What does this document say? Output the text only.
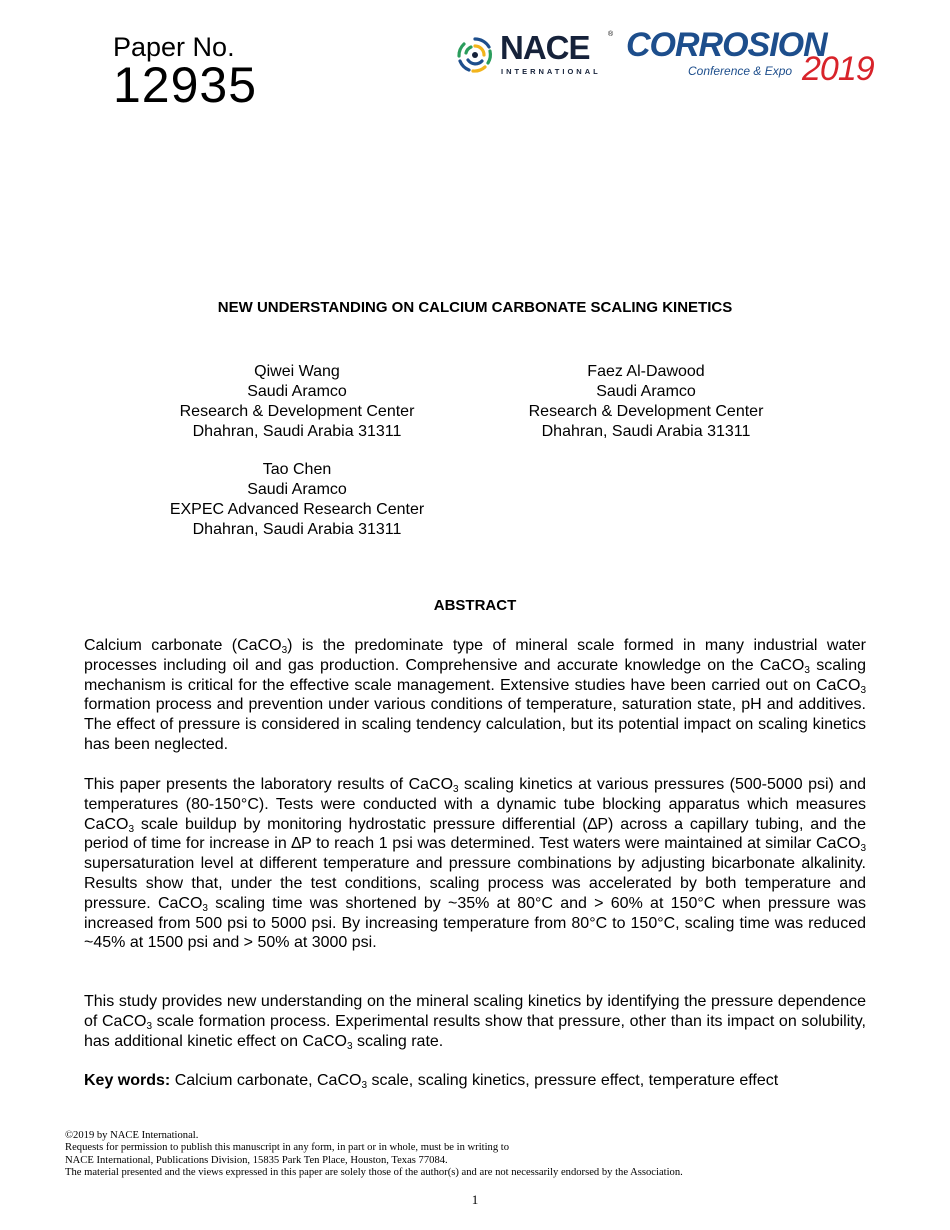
Paper No.
12935
NACE	®
INTERNATIONAL
CORROSION
Conference & Expo 2019
NEW UNDERSTANDING ON CALCIUM CARBONATE SCALING KINETICS
Qiwei Wang
Saudi Aramco
Research & Development Center
Dhahran, Saudi Arabia 31311
Faez Al-Dawood
Saudi Aramco
Research & Development Center
Dhahran, Saudi Arabia 31311
Tao Chen
Saudi Aramco
EXPEC Advanced Research Center
Dhahran, Saudi Arabia 31311
ABSTRACT
Calcium carbonate (CaCO$_3$) is the predominate type of mineral scale formed in many industrial water processes including oil and gas production. Comprehensive and accurate knowledge on the CaCO$_3$ scaling mechanism is critical for the effective scale management. Extensive studies have been carried out on CaCO$_3$ formation process and prevention under various conditions of temperature, saturation state, pH and additives. The effect of pressure is considered in scaling tendency calculation, but its potential impact on scaling kinetics has been neglected.
This paper presents the laboratory results of CaCO$_3$ scaling kinetics at various pressures (500-5000 psi) and temperatures (80-150°C). Tests were conducted with a dynamic tube blocking apparatus which measures CaCO$_3$ scale buildup by monitoring hydrostatic pressure differential (∆P) across a capillary tubing, and the period of time for increase in ∆P to reach 1 psi was determined. Test waters were maintained at similar CaCO$_3$ supersaturation level at different temperature and pressure combinations by adjusting bicarbonate alkalinity. Results show that, under the test conditions, scaling process was accelerated by both temperature and pressure. CaCO$_3$ scaling time was shortened by ~35% at 80°C and > 60% at 150°C when pressure was increased from 500 psi to 5000 psi. By increasing temperature from 80°C to 150°C, scaling time was reduced ~45% at 1500 psi and > 50% at 3000 psi.
This study provides new understanding on the mineral scaling kinetics by identifying the pressure dependence of CaCO$_3$ scale formation process. Experimental results show that pressure, other than its impact on solubility, has additional kinetic effect on CaCO$_3$ scaling rate.
Key words: Calcium carbonate, CaCO$_3$ scale, scaling kinetics, pressure effect, temperature effect
©2019 by NACE International.
Requests for permission to publish this manuscript in any form, in part or in whole, must be in writing to
NACE International, Publications Division, 15835 Park Ten Place, Houston, Texas 77084.
The material presented and the views expressed in this paper are solely those of the author(s) and are not necessarily endorsed by the Association.
1
